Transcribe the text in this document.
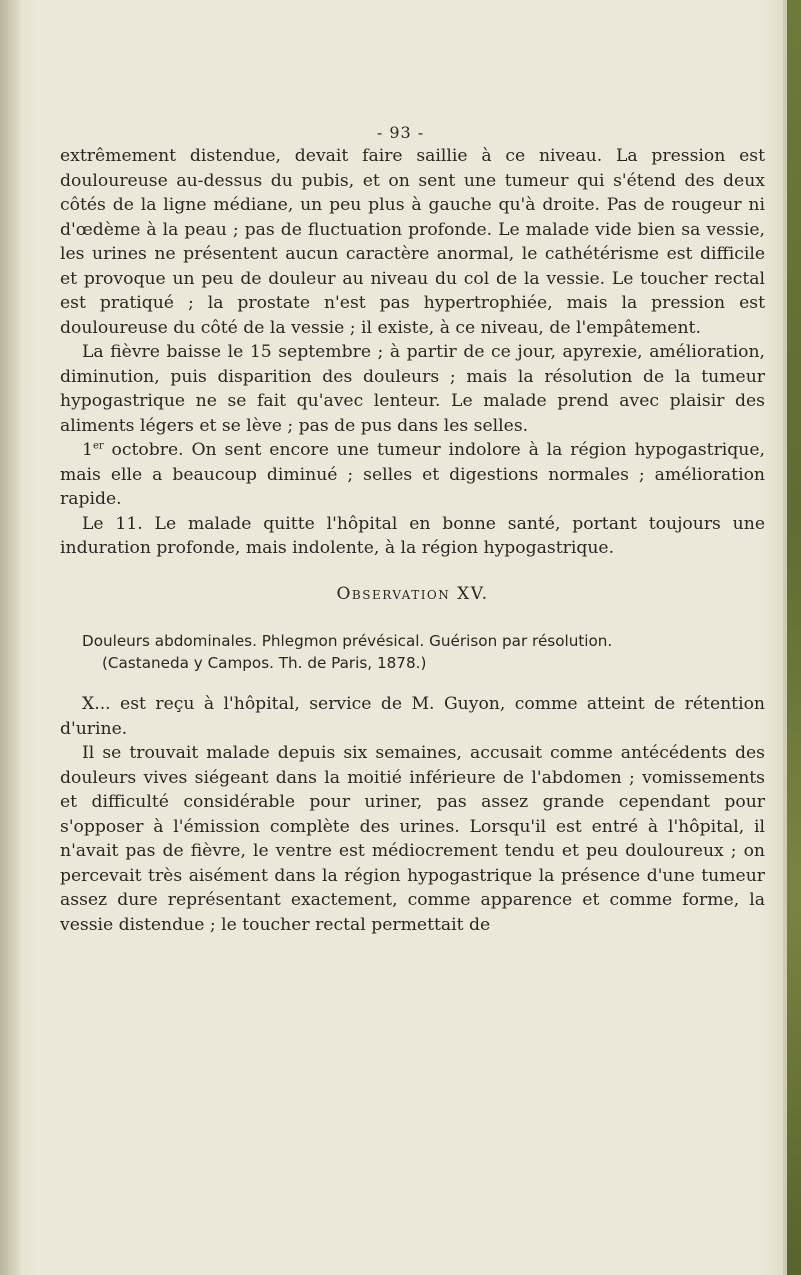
- 93 -

extrêmement distendue, devait faire saillie à ce niveau. La pression est douloureuse au-dessus du pubis, et on sent une tumeur qui s'étend des deux côtés de la ligne médiane, un peu plus à gauche qu'à droite. Pas de rougeur ni d'œdème à la peau ; pas de fluctuation profonde. Le malade vide bien sa vessie, les urines ne présentent aucun caractère anormal, le cathétérisme est difficile et provoque un peu de douleur au niveau du col de la vessie. Le toucher rectal est pratiqué ; la prostate n'est pas hypertrophiée, mais la pression est douloureuse du côté de la vessie ; il existe, à ce niveau, de l'empâtement.

La fièvre baisse le 15 septembre ; à partir de ce jour, apyrexie, amélioration, diminution, puis disparition des douleurs ; mais la résolution de la tumeur hypogastrique ne se fait qu'avec lenteur. Le malade prend avec plaisir des aliments légers et se lève ; pas de pus dans les selles.

1er octobre. On sent encore une tumeur indolore à la région hypogastrique, mais elle a beaucoup diminué ; selles et digestions normales ; amélioration rapide.

Le 11. Le malade quitte l'hôpital en bonne santé, portant toujours une induration profonde, mais indolente, à la région hypogastrique.

Observation XV.

Douleurs abdominales. Phlegmon prévésical. Guérison par résolution.
(Castaneda y Campos. Th. de Paris, 1878.)

X... est reçu à l'hôpital, service de M. Guyon, comme atteint de rétention d'urine.

Il se trouvait malade depuis six semaines, accusait comme antécédents des douleurs vives siégeant dans la moitié inférieure de l'abdomen ; vomissements et difficulté considérable pour uriner, pas assez grande cependant pour s'opposer à l'émission complète des urines. Lorsqu'il est entré à l'hôpital, il n'avait pas de fièvre, le ventre est médiocrement tendu et peu douloureux ; on percevait très aisément dans la région hypogastrique la présence d'une tumeur assez dure représentant exactement, comme apparence et comme forme, la vessie distendue ; le toucher rectal permettait de
